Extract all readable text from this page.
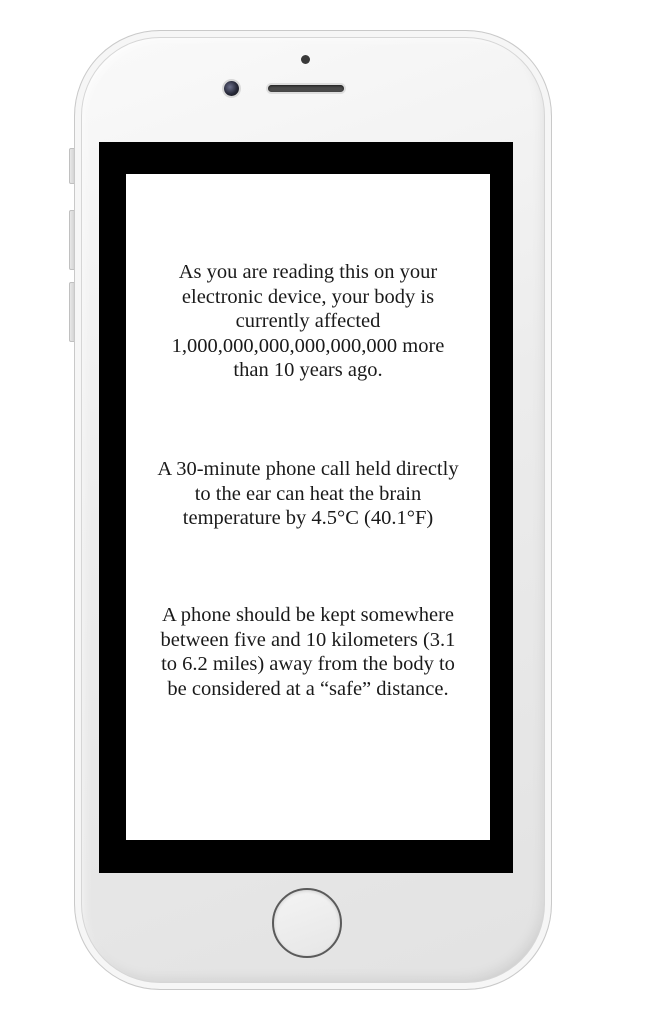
As you are reading this on your
electronic device, your body is
currently affected
1,000,000,000,000,000,000 more
than 10 years ago.
A 30-minute phone call held directly
to the ear can heat the brain
temperature by 4.5°C (40.1°F)
A phone should be kept somewhere
between five and 10 kilometers (3.1
to 6.2 miles) away from the body to
be considered at a “safe” distance.
